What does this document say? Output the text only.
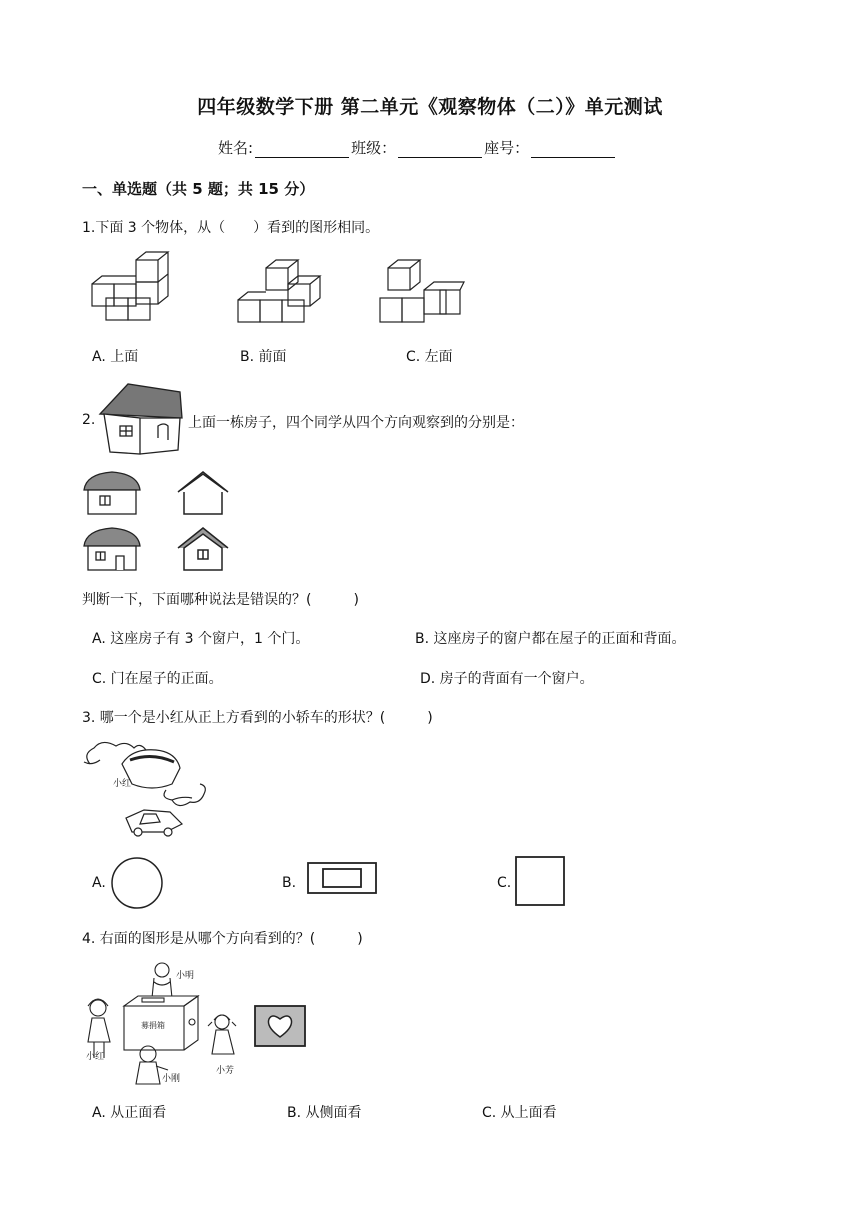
四年级数学下册 第二单元《观察物体（二）》单元测试
姓名:	班级：	座号：
一、单选题（共 5 题；共 15 分）
1.下面 3 个物体，从（　　）看到的图形相同。
A. 上面	B. 前面	C. 左面
2.	上面一栋房子，四个同学从四个方向观察到的分别是：
判断一下，下面哪种说法是错误的？(　　　)
A. 这座房子有 3 个窗户，1 个门。	B. 这座房子的窗户都在屋子的正面和背面。
C. 门在屋子的正面。	D. 房子的背面有一个窗户。
3. 哪一个是小红从正上方看到的小轿车的形状？(　　　)
小红
A.	B.	C.
4. 右面的图形是从哪个方向看到的？(　　　)
小明
小红
小刚
小芳
募捐箱
A. 从正面看	B. 从侧面看	C. 从上面看
